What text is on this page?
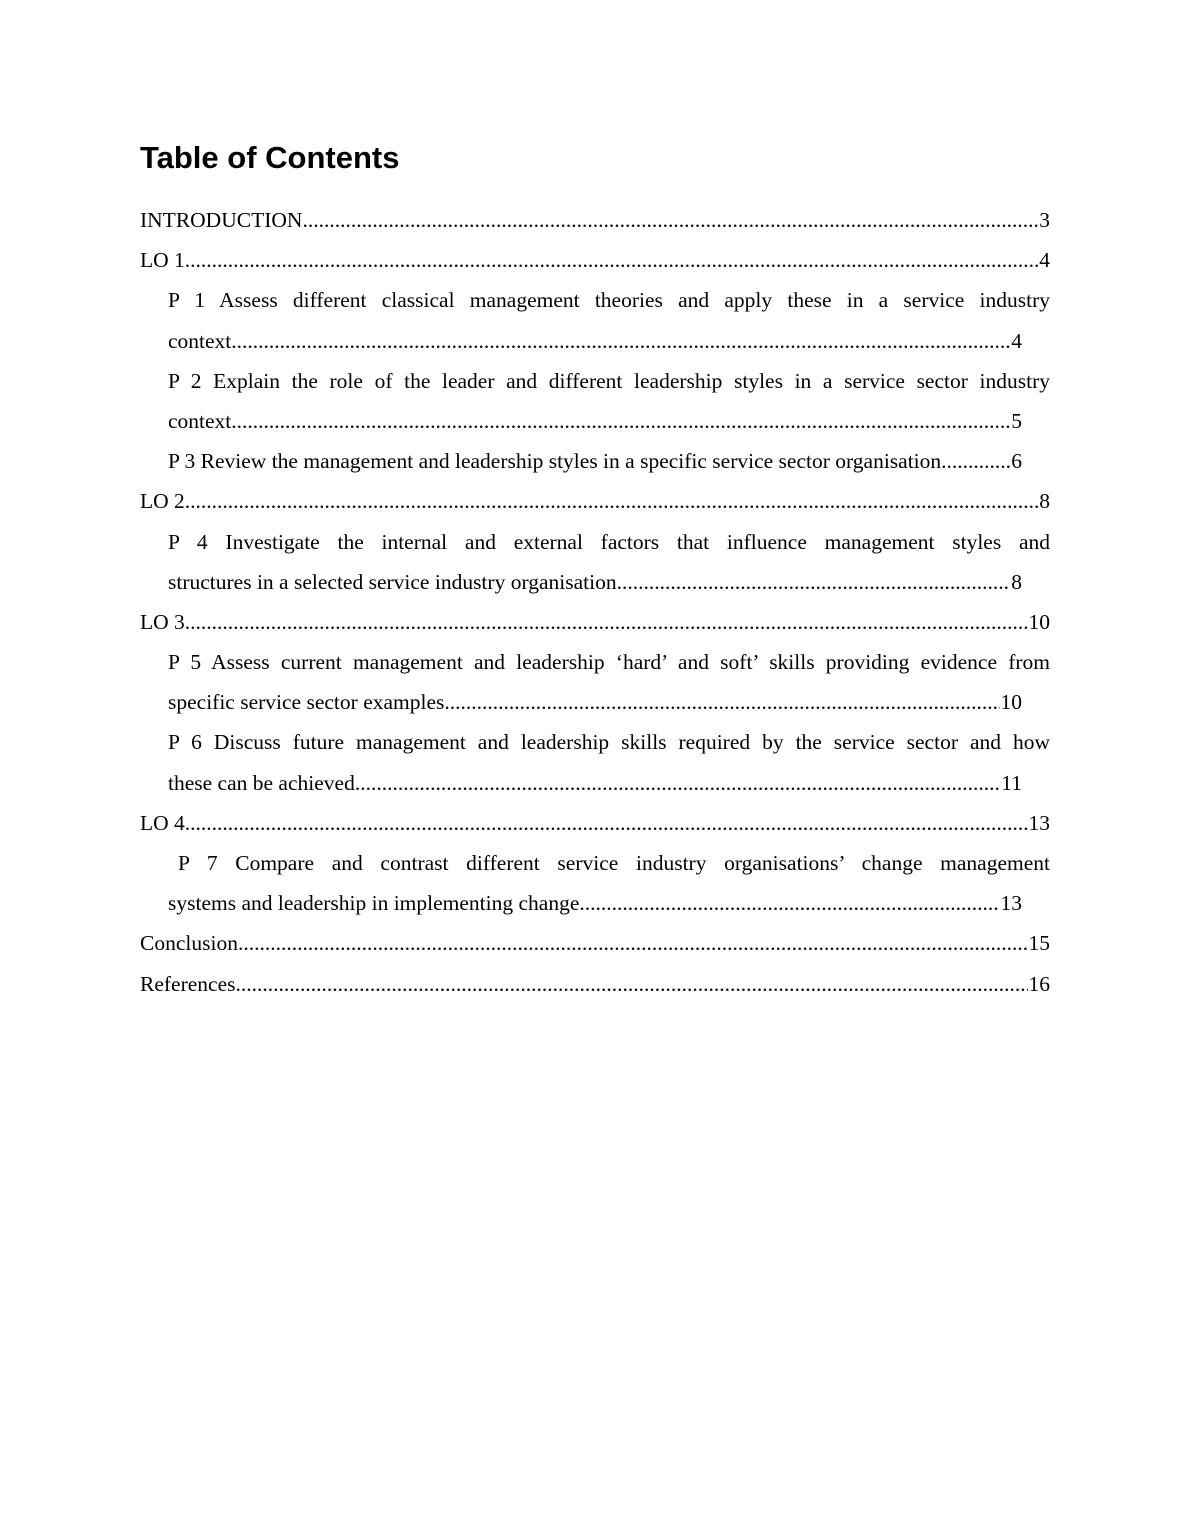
Table of Contents
INTRODUCTION .....	3
LO 1 .....	4
P 1 Assess different classical management theories and apply these in a service industry
context .....	4
P 2 Explain the role of the leader and different leadership styles in a service sector industry
context .....	5
P 3 Review the management and leadership styles in a specific service sector organisation .....	6
LO 2 .....	8
P 4 Investigate the internal and external factors that influence management styles and
structures in a selected service industry organisation .....	8
LO 3 .....	10
P 5 Assess current management and leadership ‘hard’ and soft’ skills providing evidence from
specific service sector examples .....	10
P 6 Discuss future management and leadership skills required by the service sector and how
these can be achieved .....	11
LO 4 .....	13
P 7 Compare and contrast different service industry organisations’ change management
systems and leadership in implementing change .....	13
Conclusion .....	15
References .....	16
